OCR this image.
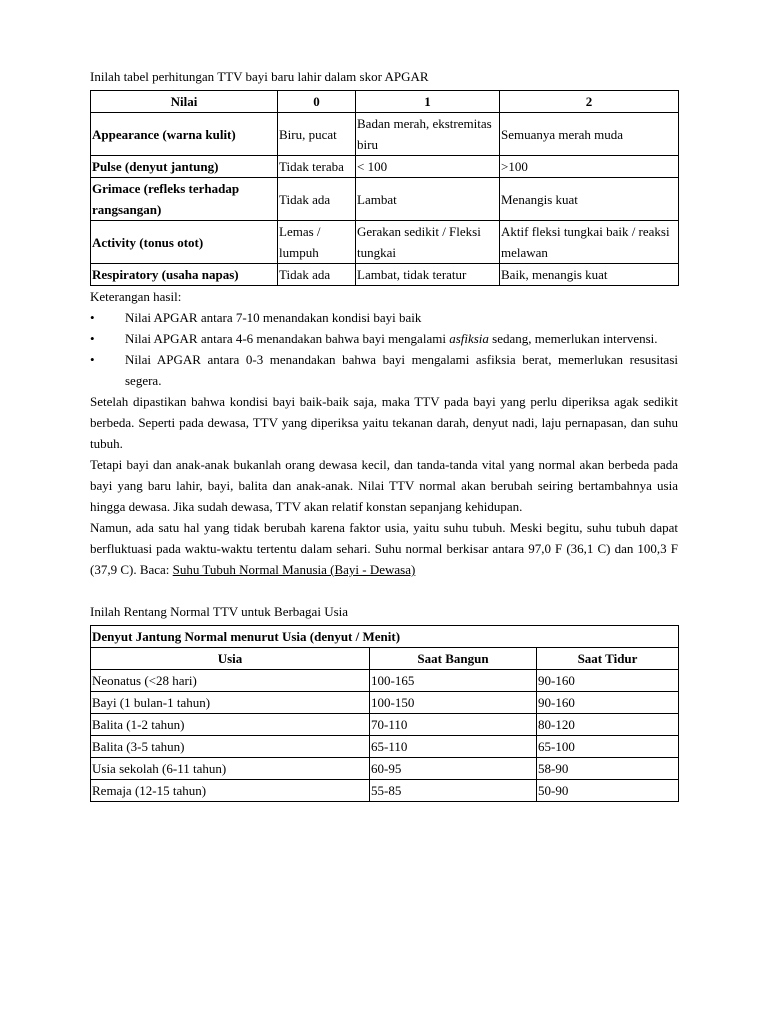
Inilah tabel perhitungan TTV bayi baru lahir dalam skor APGAR

Nilai	0	1	2
Appearance (warna kulit)	Biru, pucat	Badan merah, ekstremitas biru	Semuanya merah muda
Pulse (denyut jantung)	Tidak teraba	< 100	>100
Grimace (refleks terhadap rangsangan)	Tidak ada	Lambat	Menangis kuat
Activity (tonus otot)	Lemas / lumpuh	Gerakan sedikit / Fleksi tungkai	Aktif fleksi tungkai baik / reaksi melawan
Respiratory (usaha napas)	Tidak ada	Lambat, tidak teratur	Baik, menangis kuat

Keterangan hasil:

• Nilai APGAR antara 7-10 menandakan kondisi bayi baik
• Nilai APGAR antara 4-6 menandakan bahwa bayi mengalami asfiksia sedang, memerlukan intervensi.
• Nilai APGAR antara 0-3 menandakan bahwa bayi mengalami asfiksia berat, memerlukan resusitasi segera.

Setelah dipastikan bahwa kondisi bayi baik-baik saja, maka TTV pada bayi yang perlu diperiksa agak sedikit berbeda. Seperti pada dewasa, TTV yang diperiksa yaitu tekanan darah, denyut nadi, laju pernapasan, dan suhu tubuh.

Tetapi bayi dan anak-anak bukanlah orang dewasa kecil, dan tanda-tanda vital yang normal akan berbeda pada bayi yang baru lahir, bayi, balita dan anak-anak. Nilai TTV normal akan berubah seiring bertambahnya usia hingga dewasa. Jika sudah dewasa, TTV akan relatif konstan sepanjang kehidupan.

Namun, ada satu hal yang tidak berubah karena faktor usia, yaitu suhu tubuh. Meski begitu, suhu tubuh dapat berfluktuasi pada waktu-waktu tertentu dalam sehari. Suhu normal berkisar antara 97,0 F (36,1 C) dan 100,3 F (37,9 C). Baca: Suhu Tubuh Normal Manusia (Bayi - Dewasa)

Inilah Rentang Normal TTV untuk Berbagai Usia

Denyut Jantung Normal menurut Usia (denyut / Menit)		
Usia	Saat Bangun	Saat Tidur
Neonatus (<28 hari)	100-165	90-160
Bayi (1 bulan-1 tahun)	100-150	90-160
Balita (1-2 tahun)	70-110	80-120
Balita (3-5 tahun)	65-110	65-100
Usia sekolah (6-11 tahun)	60-95	58-90
Remaja (12-15 tahun)	55-85	50-90
